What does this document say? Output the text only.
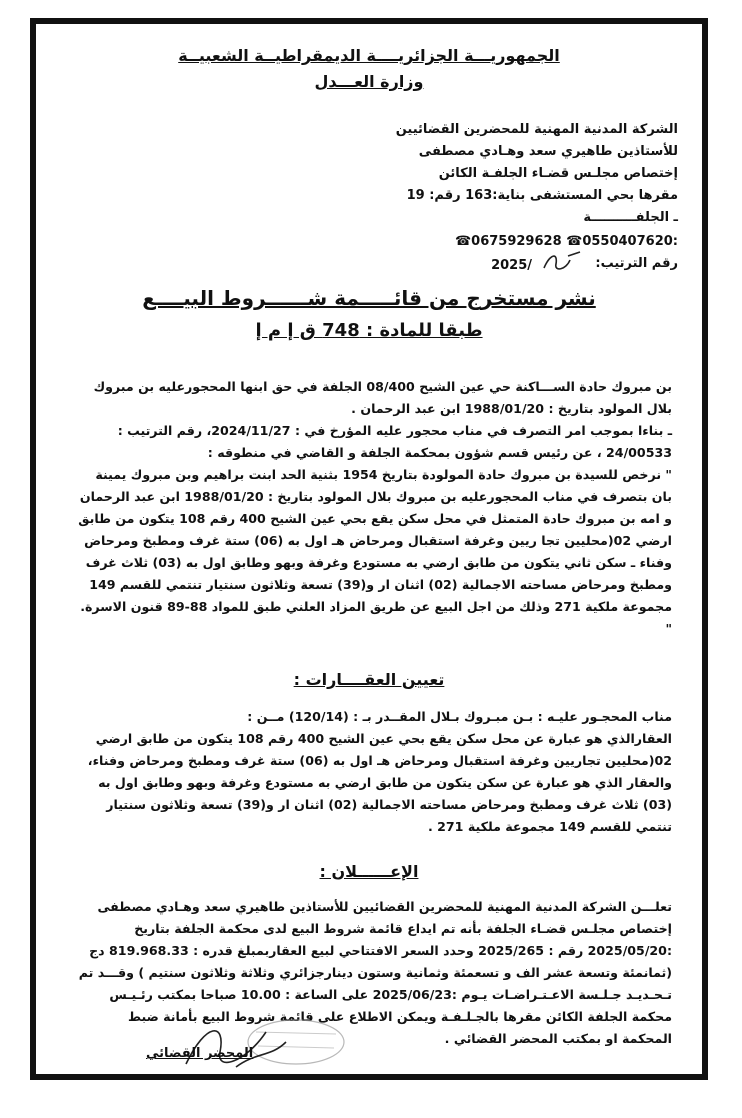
الجمهوريـــة الجزائريــــة الديمقراطيــة الشعبيــة
وزارة العـــدل
الشركة المدنية المهنية للمحضرين القضائيين
للأستاذين طاهيري سعد وهـادي مصطفى
إختصاص مجلـس قضـاء الجلفـة الكائن
مقرها بحي المستشفى بناية:163 رقم: 19
ـ الجلفــــــــــة
☎0675929628 ☎0550407620:
رقم الترتيب:
2025/
نشر مستخرج من قائـــــمة شــــــروط البيــــع
طبقا للمادة : 748 ق إ م إ

بن مبروك حادة الســـاكنة حي عين الشيح 08/400 الجلفة في حق ابنها المحجورعليه بن مبروك بلال المولود بتاريخ : 1988/01/20 ابن عبد الرحمان .

ـ بناءا بموجب امر التصرف في مناب محجور عليه المؤرخ في : 2024/11/27، رقم الترتيب : 24/00533 ، عن رئيس قسم شؤون بمحكمة الجلفة و القاضي في منطوقه :

" نرخص للسيدة بن مبروك حادة المولودة بتاريخ 1954 بثنية الحد ابنت براهيم وبن مبروك يمينة بان بتصرف في مناب المحجورعليه بن مبروك بلال المولود بتاريخ : 1988/01/20 ابن عبد الرحمان و امه بن مبروك حادة المتمثل في محل سكن يقع بحي عين الشيح 400 رقم 108 يتكون من طابق ارضي 02(محليين تجا ريين وغرفة استقبال ومرحاض هـ اول به (06) ستة غرف ومطبخ ومرحاض وفناء ـ سكن ثاني يتكون من طابق ارضي به مستودع وغرفة وبهو وطابق اول به (03) ثلاث غرف ومطبخ ومرحاض مساحته الاجمالية (02) اثنان ار و(39) تسعة وثلاثون سنتيار تنتمي للقسم 149 مجموعة ملكية 271 وذلك من اجل البيع عن طريق المزاد العلني طبق للمواد 88-89 قنون الاسرة. "

تعيين العقــــارات :

مناب المحجـور عليـه : بـن مبـروك بـلال المقــدر بـ : (120/14) مــن :

العقارالذي هو عبارة عن محل سكن يقع بحي عين الشيح 400 رقم 108 يتكون من طابق ارضي 02(محليين تجاريين وغرفة استقبال ومرحاض هـ اول به (06) ستة غرف ومطبخ ومرحاض وفناء، والعقار الذي هو عبارة عن سكن يتكون من طابق ارضي به مستودع وغرفة وبهو وطابق اول به (03) ثلاث غرف ومطبخ ومرحاض مساحته الاجمالية (02) اثنان ار و(39) تسعة وثلاثون سنتيار تنتمي للقسم 149 مجموعة ملكية 271 .

الإعــــــلان :

تعلـــن الشركة المدنية المهنية للمحضرين القضائيين للأستاذين طاهيري سعد وهـادي مصطفى إختصاص مجلـس قضـاء الجلفة بأنه تم ايداع قائمة شروط البيع لدى محكمة الجلفة بتاريخ :2025/05/20 رقم : 2025/265 وحدد السعر الافتتاحي لبيع العقاربمبلغ قدره : 819.968.33 دج (ثمانمئة وتسعة عشر الف و تسعمئة وثمانية وستون دينارجزائري وثلاثة وثلاثون سنتيم ) وقـــد تم تـحـديـد جـلـسة الاعـتـراضـات يـوم :2025/06/23 على الساعة : 10.00 صباحا بمكتب رئـيـس محكمة الجلفة الكائن مقرها بالجـلـفـة ويمكن الاطلاع على قائمة شروط البيع بأمانة ضبط المحكمة او بمكتب المحضر القضائي .

المحضر القضائي
